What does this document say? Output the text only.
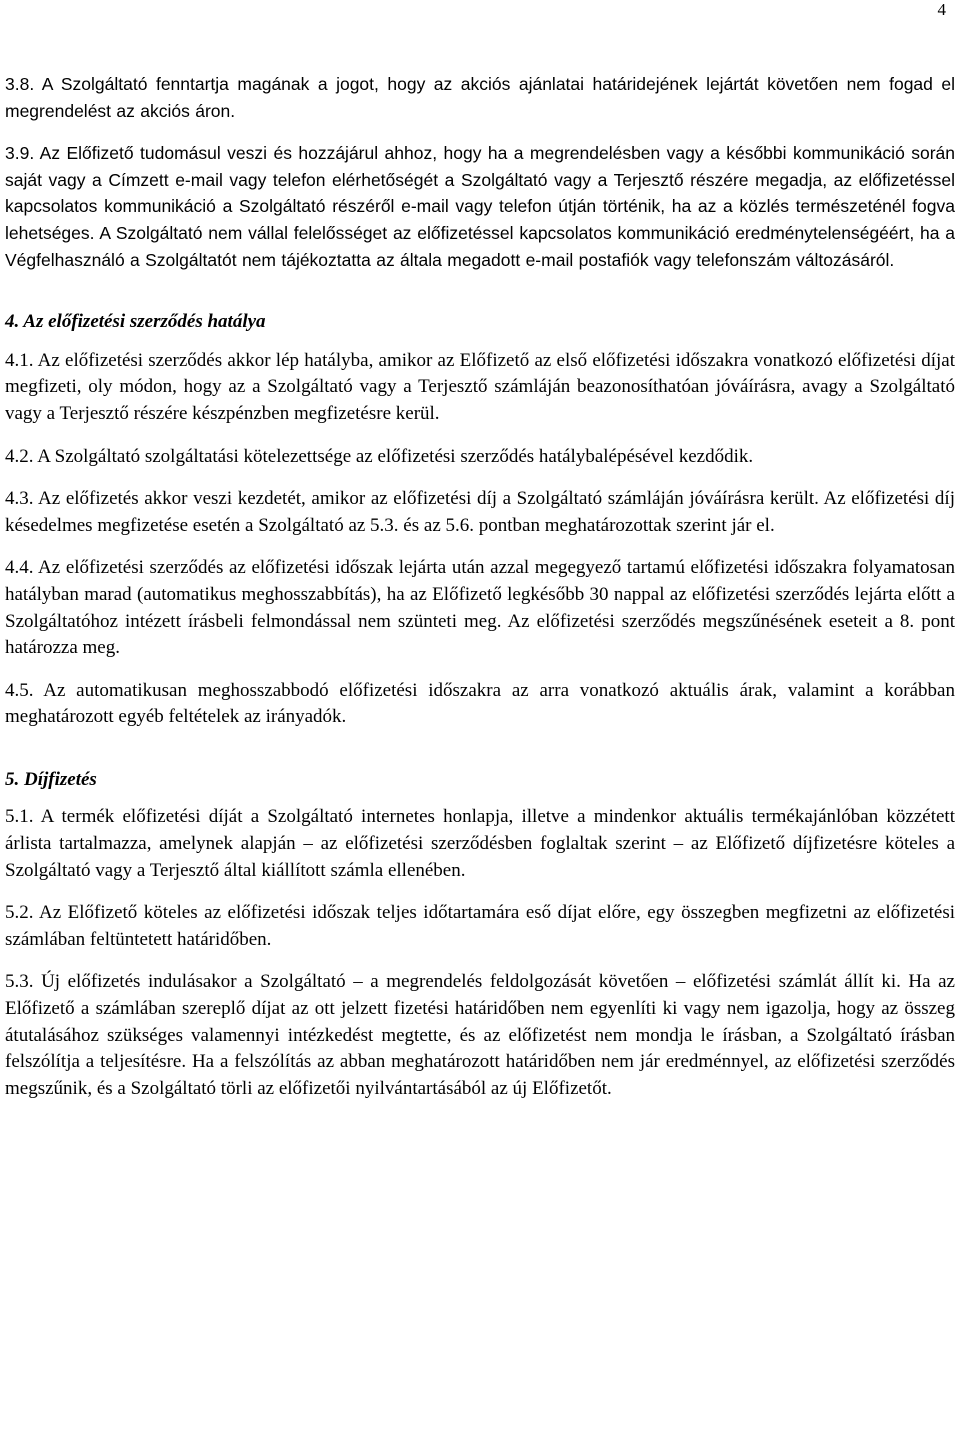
4

3.8. A Szolgáltató fenntartja magának a jogot, hogy az akciós ajánlatai határidejének lejártát követően nem fogad el megrendelést az akciós áron.

3.9. Az Előfizető tudomásul veszi és hozzájárul ahhoz, hogy ha a megrendelésben vagy a későbbi kommunikáció során saját vagy a Címzett e-mail vagy telefon elérhetőségét a Szolgáltató vagy a Terjesztő részére megadja, az előfizetéssel kapcsolatos kommunikáció a Szolgáltató részéről e-mail vagy telefon útján történik, ha az a közlés természeténél fogva lehetséges. A Szolgáltató nem vállal felelősséget az előfizetéssel kapcsolatos kommunikáció eredménytelenségéért, ha a Végfelhasználó a Szolgáltatót nem tájékoztatta az általa megadott e-mail postafiók vagy telefonszám változásáról.

4. Az előfizetési szerződés hatálya

4.1. Az előfizetési szerződés akkor lép hatályba, amikor az Előfizető az első előfizetési időszakra vonatkozó előfizetési díjat megfizeti, oly módon, hogy az a Szolgáltató vagy a Terjesztő számláján beazonosíthatóan jóváírásra, avagy a Szolgáltató vagy a Terjesztő részére készpénzben megfizetésre kerül.

4.2. A Szolgáltató szolgáltatási kötelezettsége az előfizetési szerződés hatálybalépésével kezdődik.

4.3. Az előfizetés akkor veszi kezdetét, amikor az előfizetési díj a Szolgáltató számláján jóváírásra került. Az előfizetési díj késedelmes megfizetése esetén a Szolgáltató az 5.3. és az 5.6. pontban meghatározottak szerint jár el.

4.4. Az előfizetési szerződés az előfizetési időszak lejárta után azzal megegyező tartamú előfizetési időszakra folyamatosan hatályban marad (automatikus meghosszabbítás), ha az Előfizető legkésőbb 30 nappal az előfizetési szerződés lejárta előtt a Szolgáltatóhoz intézett írásbeli felmondással nem szünteti meg. Az előfizetési szerződés megszűnésének eseteit a 8. pont határozza meg.

4.5. Az automatikusan meghosszabbodó előfizetési időszakra az arra vonatkozó aktuális árak, valamint a korábban meghatározott egyéb feltételek az irányadók.

5. Díjfizetés

5.1. A termék előfizetési díját a Szolgáltató internetes honlapja, illetve a mindenkor aktuális termékajánlóban közzétett árlista tartalmazza, amelynek alapján – az előfizetési szerződésben foglaltak szerint – az Előfizető díjfizetésre köteles a Szolgáltató vagy a Terjesztő által kiállított számla ellenében.

5.2. Az Előfizető köteles az előfizetési időszak teljes időtartamára eső díjat előre, egy összegben megfizetni az előfizetési számlában feltüntetett határidőben.

5.3. Új előfizetés indulásakor a Szolgáltató – a megrendelés feldolgozását követően – előfizetési számlát állít ki. Ha az Előfizető a számlában szereplő díjat az ott jelzett fizetési határidőben nem egyenlíti ki vagy nem igazolja, hogy az összeg átutalásához szükséges valamennyi intézkedést megtette, és az előfizetést nem mondja le írásban, a Szolgáltató írásban felszólítja a teljesítésre. Ha a felszólítás az abban meghatározott határidőben nem jár eredménnyel, az előfizetési szerződés megszűnik, és a Szolgáltató törli az előfizetői nyilvántartásából az új Előfizetőt.
